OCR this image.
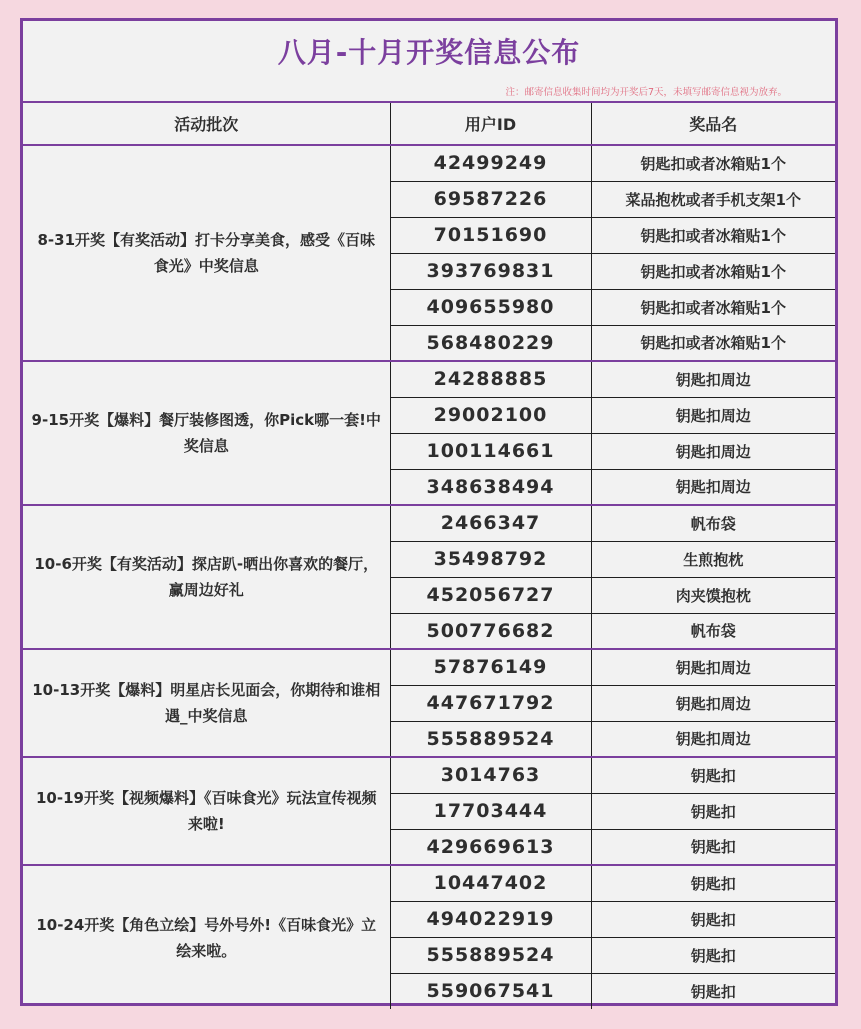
八月-十月开奖信息公布
注：邮寄信息收集时间均为开奖后7天，未填写邮寄信息视为放弃。
活动批次	用户ID	奖品名
8-31开奖【有奖活动】打卡分享美食，感受《百味食光》中奖信息	42499249	钥匙扣或者冰箱贴1个
	69587226	菜品抱枕或者手机支架1个
	70151690	钥匙扣或者冰箱贴1个
	393769831	钥匙扣或者冰箱贴1个
	409655980	钥匙扣或者冰箱贴1个
	568480229	钥匙扣或者冰箱贴1个
9-15开奖【爆料】餐厅装修图透，你Pick哪一套!中奖信息	24288885	钥匙扣周边
	29002100	钥匙扣周边
	100114661	钥匙扣周边
	348638494	钥匙扣周边
10-6开奖【有奖活动】探店趴-晒出你喜欢的餐厅，赢周边好礼	2466347	帆布袋
	35498792	生煎抱枕
	452056727	肉夹馍抱枕
	500776682	帆布袋
10-13开奖【爆料】明星店长见面会，你期待和谁相遇_中奖信息	57876149	钥匙扣周边
	447671792	钥匙扣周边
	555889524	钥匙扣周边
10-19开奖【视频爆料】《百味食光》玩法宣传视频来啦!	3014763	钥匙扣
	17703444	钥匙扣
	429669613	钥匙扣
10-24开奖【角色立绘】号外号外!《百味食光》立绘来啦。	10447402	钥匙扣
	494022919	钥匙扣
	555889524	钥匙扣
	559067541	钥匙扣
